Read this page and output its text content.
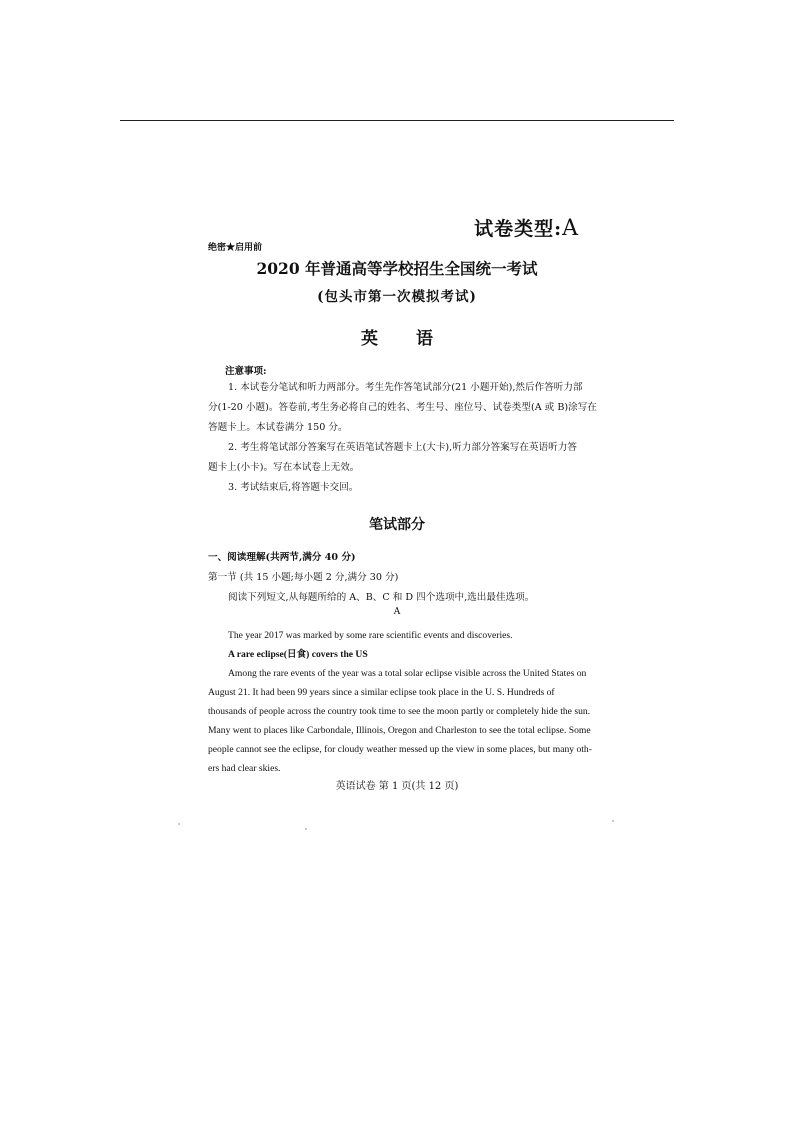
试卷类型:A
绝密★启用前
2020 年普通高等学校招生全国统一考试
(包头市第一次模拟考试)
英语
注意事项:
1. 本试卷分笔试和听力两部分。考生先作答笔试部分(21 小题开始),然后作答听力部
分(1-20 小题)。答卷前,考生务必将自己的姓名、考生号、座位号、试卷类型(A 或 B)涂写在
答题卡上。本试卷满分 150 分。
2. 考生将笔试部分答案写在英语笔试答题卡上(大卡),听力部分答案写在英语听力答
题卡上(小卡)。写在本试卷上无效。
3. 考试结束后,将答题卡交回。
笔试部分
一、阅读理解(共两节,满分 40 分)
第一节 (共 15 小题;每小题 2 分,满分 30 分)
阅读下列短文,从每题所给的 A、B、C 和 D 四个选项中,选出最佳选项。
A
The year 2017 was marked by some rare scientific events and discoveries.
A rare eclipse(日食) covers the US
Among the rare events of the year was a total solar eclipse visible across the United States on
August 21. It had been 99 years since a similar eclipse took place in the U. S. Hundreds of
thousands of people across the country took time to see the moon partly or completely hide the sun.
Many went to places like Carbondale, Illinois, Oregon and Charleston to see the total eclipse. Some
people cannot see the eclipse, for cloudy weather messed up the view in some places, but many oth-
ers had clear skies.
英语试卷 第 1 页(共 12 页)
